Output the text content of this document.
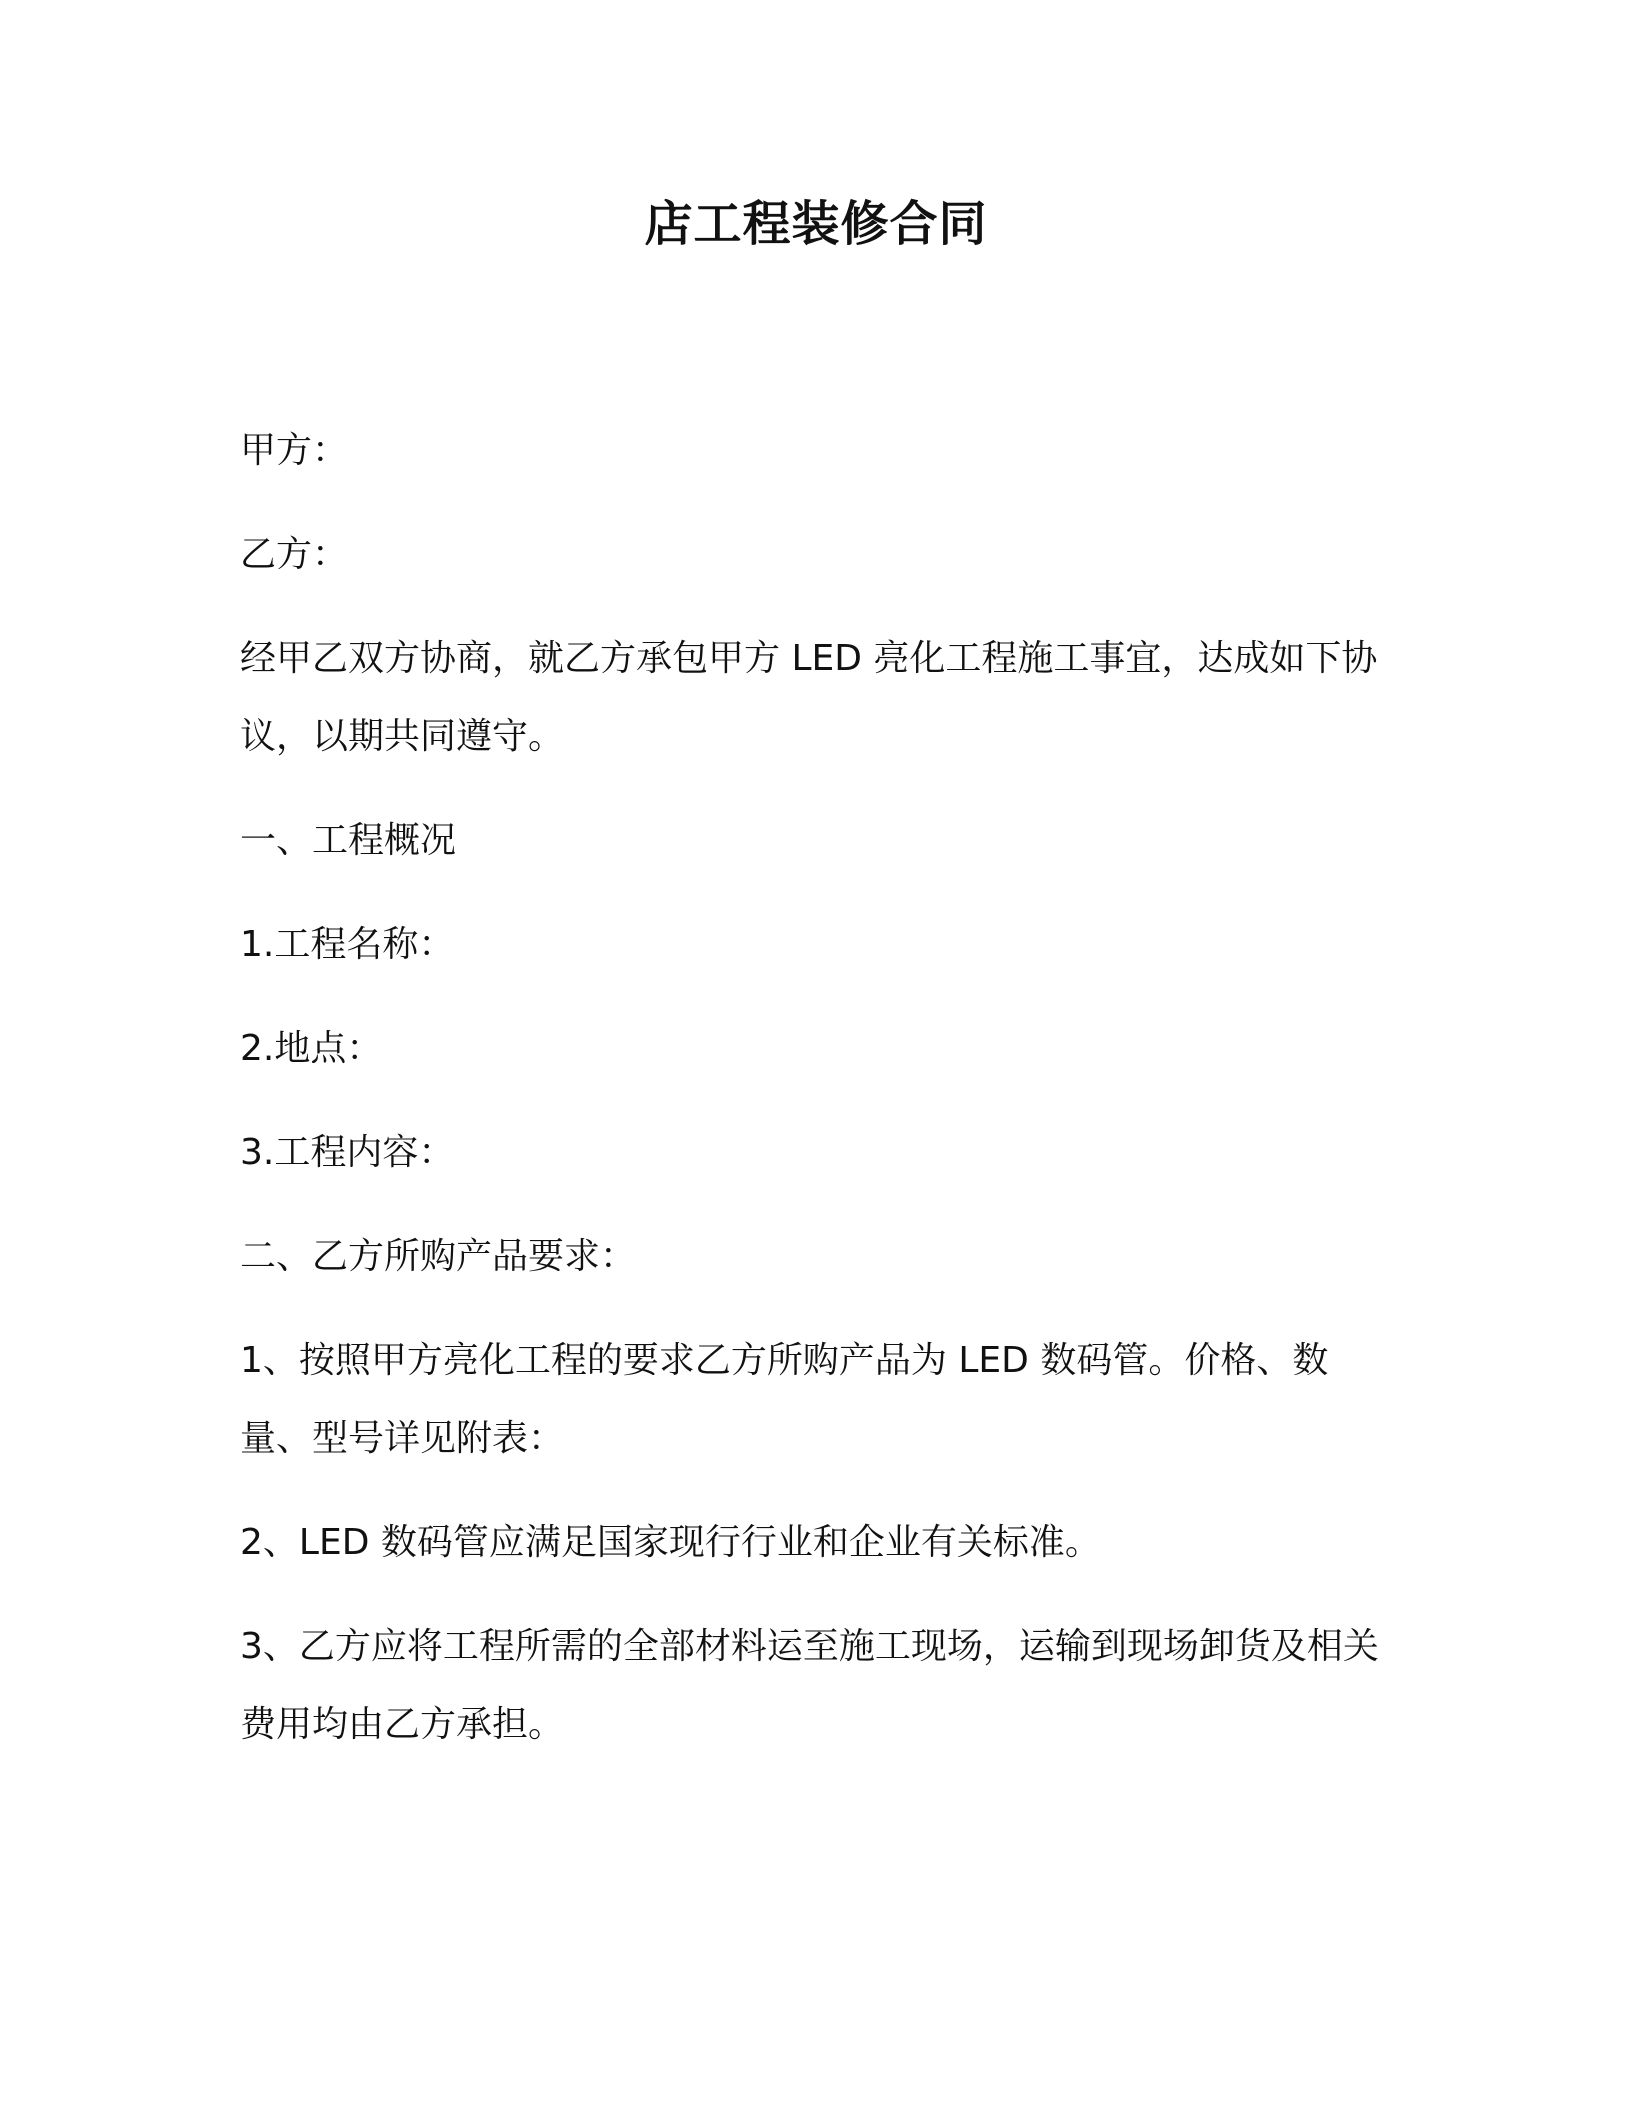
店工程装修合同

甲方：

乙方：

经甲乙双方协商，就乙方承包甲方 LED 亮化工程施工事宜，达成如下协议，以期共同遵守。

一、工程概况

1.工程名称：

2.地点：

3.工程内容：

二、乙方所购产品要求：

1、按照甲方亮化工程的要求乙方所购产品为 LED 数码管。价格、数量、型号详见附表：

2、LED 数码管应满足国家现行行业和企业有关标准。

3、乙方应将工程所需的全部材料运至施工现场，运输到现场卸货及相关费用均由乙方承担。
